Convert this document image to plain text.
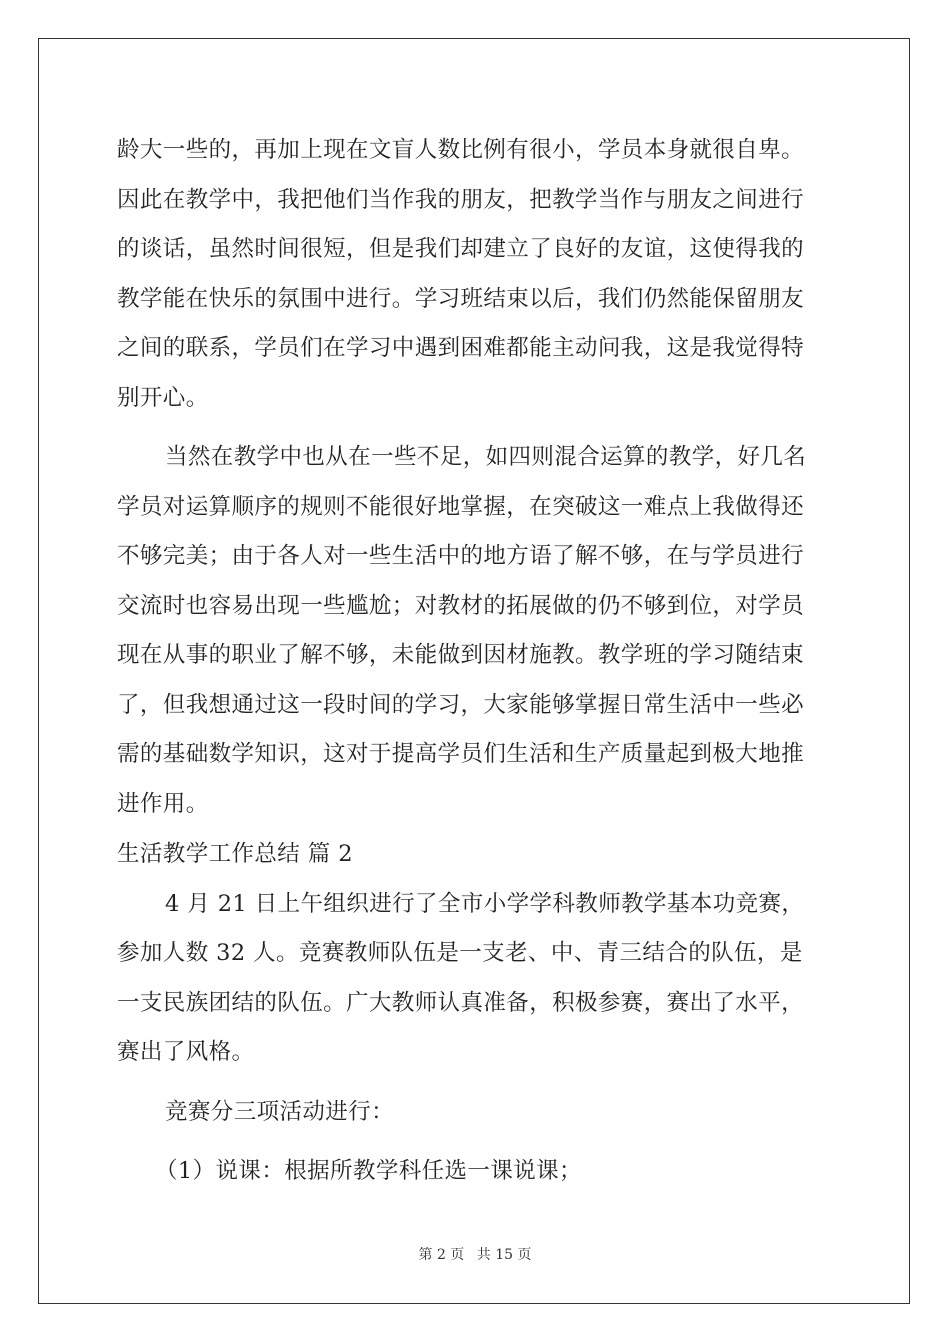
龄大一些的，再加上现在文盲人数比例有很小，学员本身就很自卑。
因此在教学中，我把他们当作我的朋友，把教学当作与朋友之间进行
的谈话，虽然时间很短，但是我们却建立了良好的友谊，这使得我的
教学能在快乐的氛围中进行。学习班结束以后，我们仍然能保留朋友
之间的联系，学员们在学习中遇到困难都能主动问我，这是我觉得特
别开心。
当然在教学中也从在一些不足，如四则混合运算的教学，好几名
学员对运算顺序的规则不能很好地掌握，在突破这一难点上我做得还
不够完美；由于各人对一些生活中的地方语了解不够，在与学员进行
交流时也容易出现一些尴尬；对教材的拓展做的仍不够到位，对学员
现在从事的职业了解不够，未能做到因材施教。教学班的学习随结束
了，但我想通过这一段时间的学习，大家能够掌握日常生活中一些必
需的基础数学知识，这对于提高学员们生活和生产质量起到极大地推
进作用。
生活教学工作总结 篇 2
4 月 21 日上午组织进行了全市小学学科教师教学基本功竞赛，
参加人数 32 人。竞赛教师队伍是一支老、中、青三结合的队伍，是
一支民族团结的队伍。广大教师认真准备，积极参赛，赛出了水平，
赛出了风格。
竞赛分三项活动进行：
（1）说课：根据所教学科任选一课说课；
第 2 页 共 15 页
